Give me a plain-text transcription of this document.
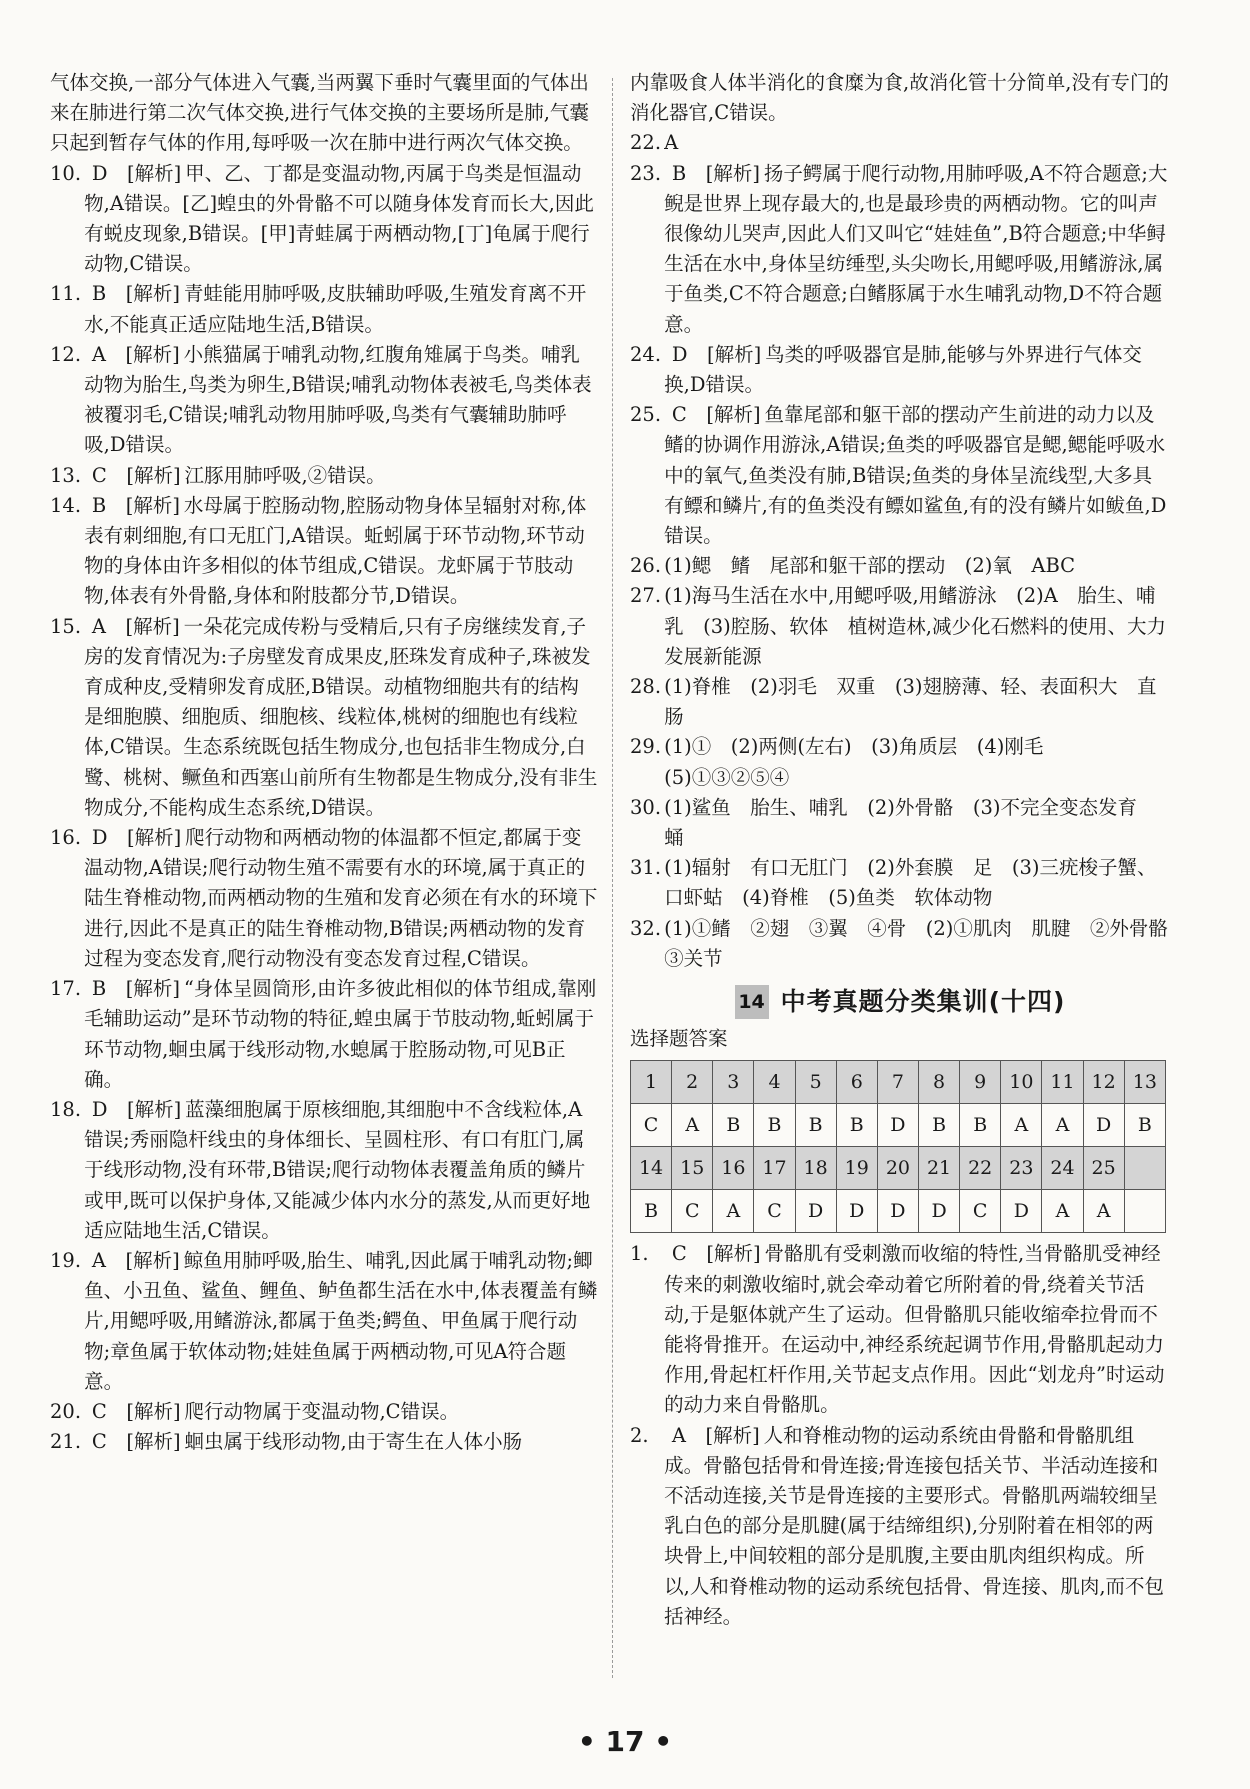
气体交换,一部分气体进入气囊,当两翼下垂时气囊里面的气体出来在肺进行第二次气体交换,进行气体交换的主要场所是肺,气囊只起到暂存气体的作用,每呼吸一次在肺中进行两次气体交换。

10. D　[解析] 甲、乙、丁都是变温动物,丙属于鸟类是恒温动物,A错误。[乙]蝗虫的外骨骼不可以随身体发育而长大,因此有蜕皮现象,B错误。[甲]青蛙属于两栖动物,[丁]龟属于爬行动物,C错误。

11. B　[解析] 青蛙能用肺呼吸,皮肤辅助呼吸,生殖发育离不开水,不能真正适应陆地生活,B错误。

12. A　[解析] 小熊猫属于哺乳动物,红腹角雉属于鸟类。哺乳动物为胎生,鸟类为卵生,B错误;哺乳动物体表被毛,鸟类体表被覆羽毛,C错误;哺乳动物用肺呼吸,鸟类有气囊辅助肺呼吸,D错误。

13. C　[解析] 江豚用肺呼吸,②错误。

14. B　[解析] 水母属于腔肠动物,腔肠动物身体呈辐射对称,体表有刺细胞,有口无肛门,A错误。蚯蚓属于环节动物,环节动物的身体由许多相似的体节组成,C错误。龙虾属于节肢动物,体表有外骨骼,身体和附肢都分节,D错误。

15. A　[解析] 一朵花完成传粉与受精后,只有子房继续发育,子房的发育情况为:子房壁发育成果皮,胚珠发育成种子,珠被发育成种皮,受精卵发育成胚,B错误。动植物细胞共有的结构是细胞膜、细胞质、细胞核、线粒体,桃树的细胞也有线粒体,C错误。生态系统既包括生物成分,也包括非生物成分,白鹭、桃树、鳜鱼和西塞山前所有生物都是生物成分,没有非生物成分,不能构成生态系统,D错误。

16. D　[解析] 爬行动物和两栖动物的体温都不恒定,都属于变温动物,A错误;爬行动物生殖不需要有水的环境,属于真正的陆生脊椎动物,而两栖动物的生殖和发育必须在有水的环境下进行,因此不是真正的陆生脊椎动物,B错误;两栖动物的发育过程为变态发育,爬行动物没有变态发育过程,C错误。

17. B　[解析] “身体呈圆筒形,由许多彼此相似的体节组成,靠刚毛辅助运动”是环节动物的特征,蝗虫属于节肢动物,蚯蚓属于环节动物,蛔虫属于线形动物,水螅属于腔肠动物,可见B正确。

18. D　[解析] 蓝藻细胞属于原核细胞,其细胞中不含线粒体,A错误;秀丽隐杆线虫的身体细长、呈圆柱形、有口有肛门,属于线形动物,没有环带,B错误;爬行动物体表覆盖角质的鳞片或甲,既可以保护身体,又能减少体内水分的蒸发,从而更好地适应陆地生活,C错误。

19. A　[解析] 鲸鱼用肺呼吸,胎生、哺乳,因此属于哺乳动物;鲫鱼、小丑鱼、鲨鱼、鲤鱼、鲈鱼都生活在水中,体表覆盖有鳞片,用鳃呼吸,用鳍游泳,都属于鱼类;鳄鱼、甲鱼属于爬行动物;章鱼属于软体动物;娃娃鱼属于两栖动物,可见A符合题意。

20. C　[解析] 爬行动物属于变温动物,C错误。

21. C　[解析] 蛔虫属于线形动物,由于寄生在人体小肠

内靠吸食人体半消化的食糜为食,故消化管十分简单,没有专门的消化器官,C错误。

22. A

23. B　[解析] 扬子鳄属于爬行动物,用肺呼吸,A不符合题意;大鲵是世界上现存最大的,也是最珍贵的两栖动物。它的叫声很像幼儿哭声,因此人们又叫它“娃娃鱼”,B符合题意;中华鲟生活在水中,身体呈纺缍型,头尖吻长,用鳃呼吸,用鳍游泳,属于鱼类,C不符合题意;白鳍豚属于水生哺乳动物,D不符合题意。

24. D　[解析] 鸟类的呼吸器官是肺,能够与外界进行气体交换,D错误。

25. C　[解析] 鱼靠尾部和躯干部的摆动产生前进的动力以及鳍的协调作用游泳,A错误;鱼类的呼吸器官是鳃,鳃能呼吸水中的氧气,鱼类没有肺,B错误;鱼类的身体呈流线型,大多具有鳔和鳞片,有的鱼类没有鳔如鲨鱼,有的没有鳞片如鲅鱼,D错误。

26. (1)鳃　鳍　尾部和躯干部的摆动　(2)氧　ABC

27. (1)海马生活在水中,用鳃呼吸,用鳍游泳　(2)A　胎生、哺乳　(3)腔肠、软体　植树造林,减少化石燃料的使用、大力发展新能源

28. (1)脊椎　(2)羽毛　双重　(3)翅膀薄、轻、表面积大　直肠

29. (1)①　(2)两侧(左右)　(3)角质层　(4)刚毛　(5)①③②⑤④

30. (1)鲨鱼　胎生、哺乳　(2)外骨骼　(3)不完全变态发育　蛹

31. (1)辐射　有口无肛门　(2)外套膜　足　(3)三疣梭子蟹、口虾蛄　(4)脊椎　(5)鱼类　软体动物

32. (1)①鳍　②翅　③翼　④骨　(2)①肌肉　肌腱　②外骨骼　③关节

14 中考真题分类集训(十四)

选择题答案

1	2	3	4	5	6	7	8	9	10	11	12	13
C	A	B	B	B	B	D	B	B	A	A	D	B
14	15	16	17	18	19	20	21	22	23	24	25	
B	C	A	C	D	D	D	D	C	D	A	A	

1. C　[解析] 骨骼肌有受刺激而收缩的特性,当骨骼肌受神经传来的刺激收缩时,就会牵动着它所附着的骨,绕着关节活动,于是躯体就产生了运动。但骨骼肌只能收缩牵拉骨而不能将骨推开。在运动中,神经系统起调节作用,骨骼肌起动力作用,骨起杠杆作用,关节起支点作用。因此“划龙舟”时运动的动力来自骨骼肌。

2. A　[解析] 人和脊椎动物的运动系统由骨骼和骨骼肌组成。骨骼包括骨和骨连接;骨连接包括关节、半活动连接和不活动连接,关节是骨连接的主要形式。骨骼肌两端较细呈乳白色的部分是肌腱(属于结缔组织),分别附着在相邻的两块骨上,中间较粗的部分是肌腹,主要由肌肉组织构成。所以,人和脊椎动物的运动系统包括骨、骨连接、肌肉,而不包括神经。

• 17 •
